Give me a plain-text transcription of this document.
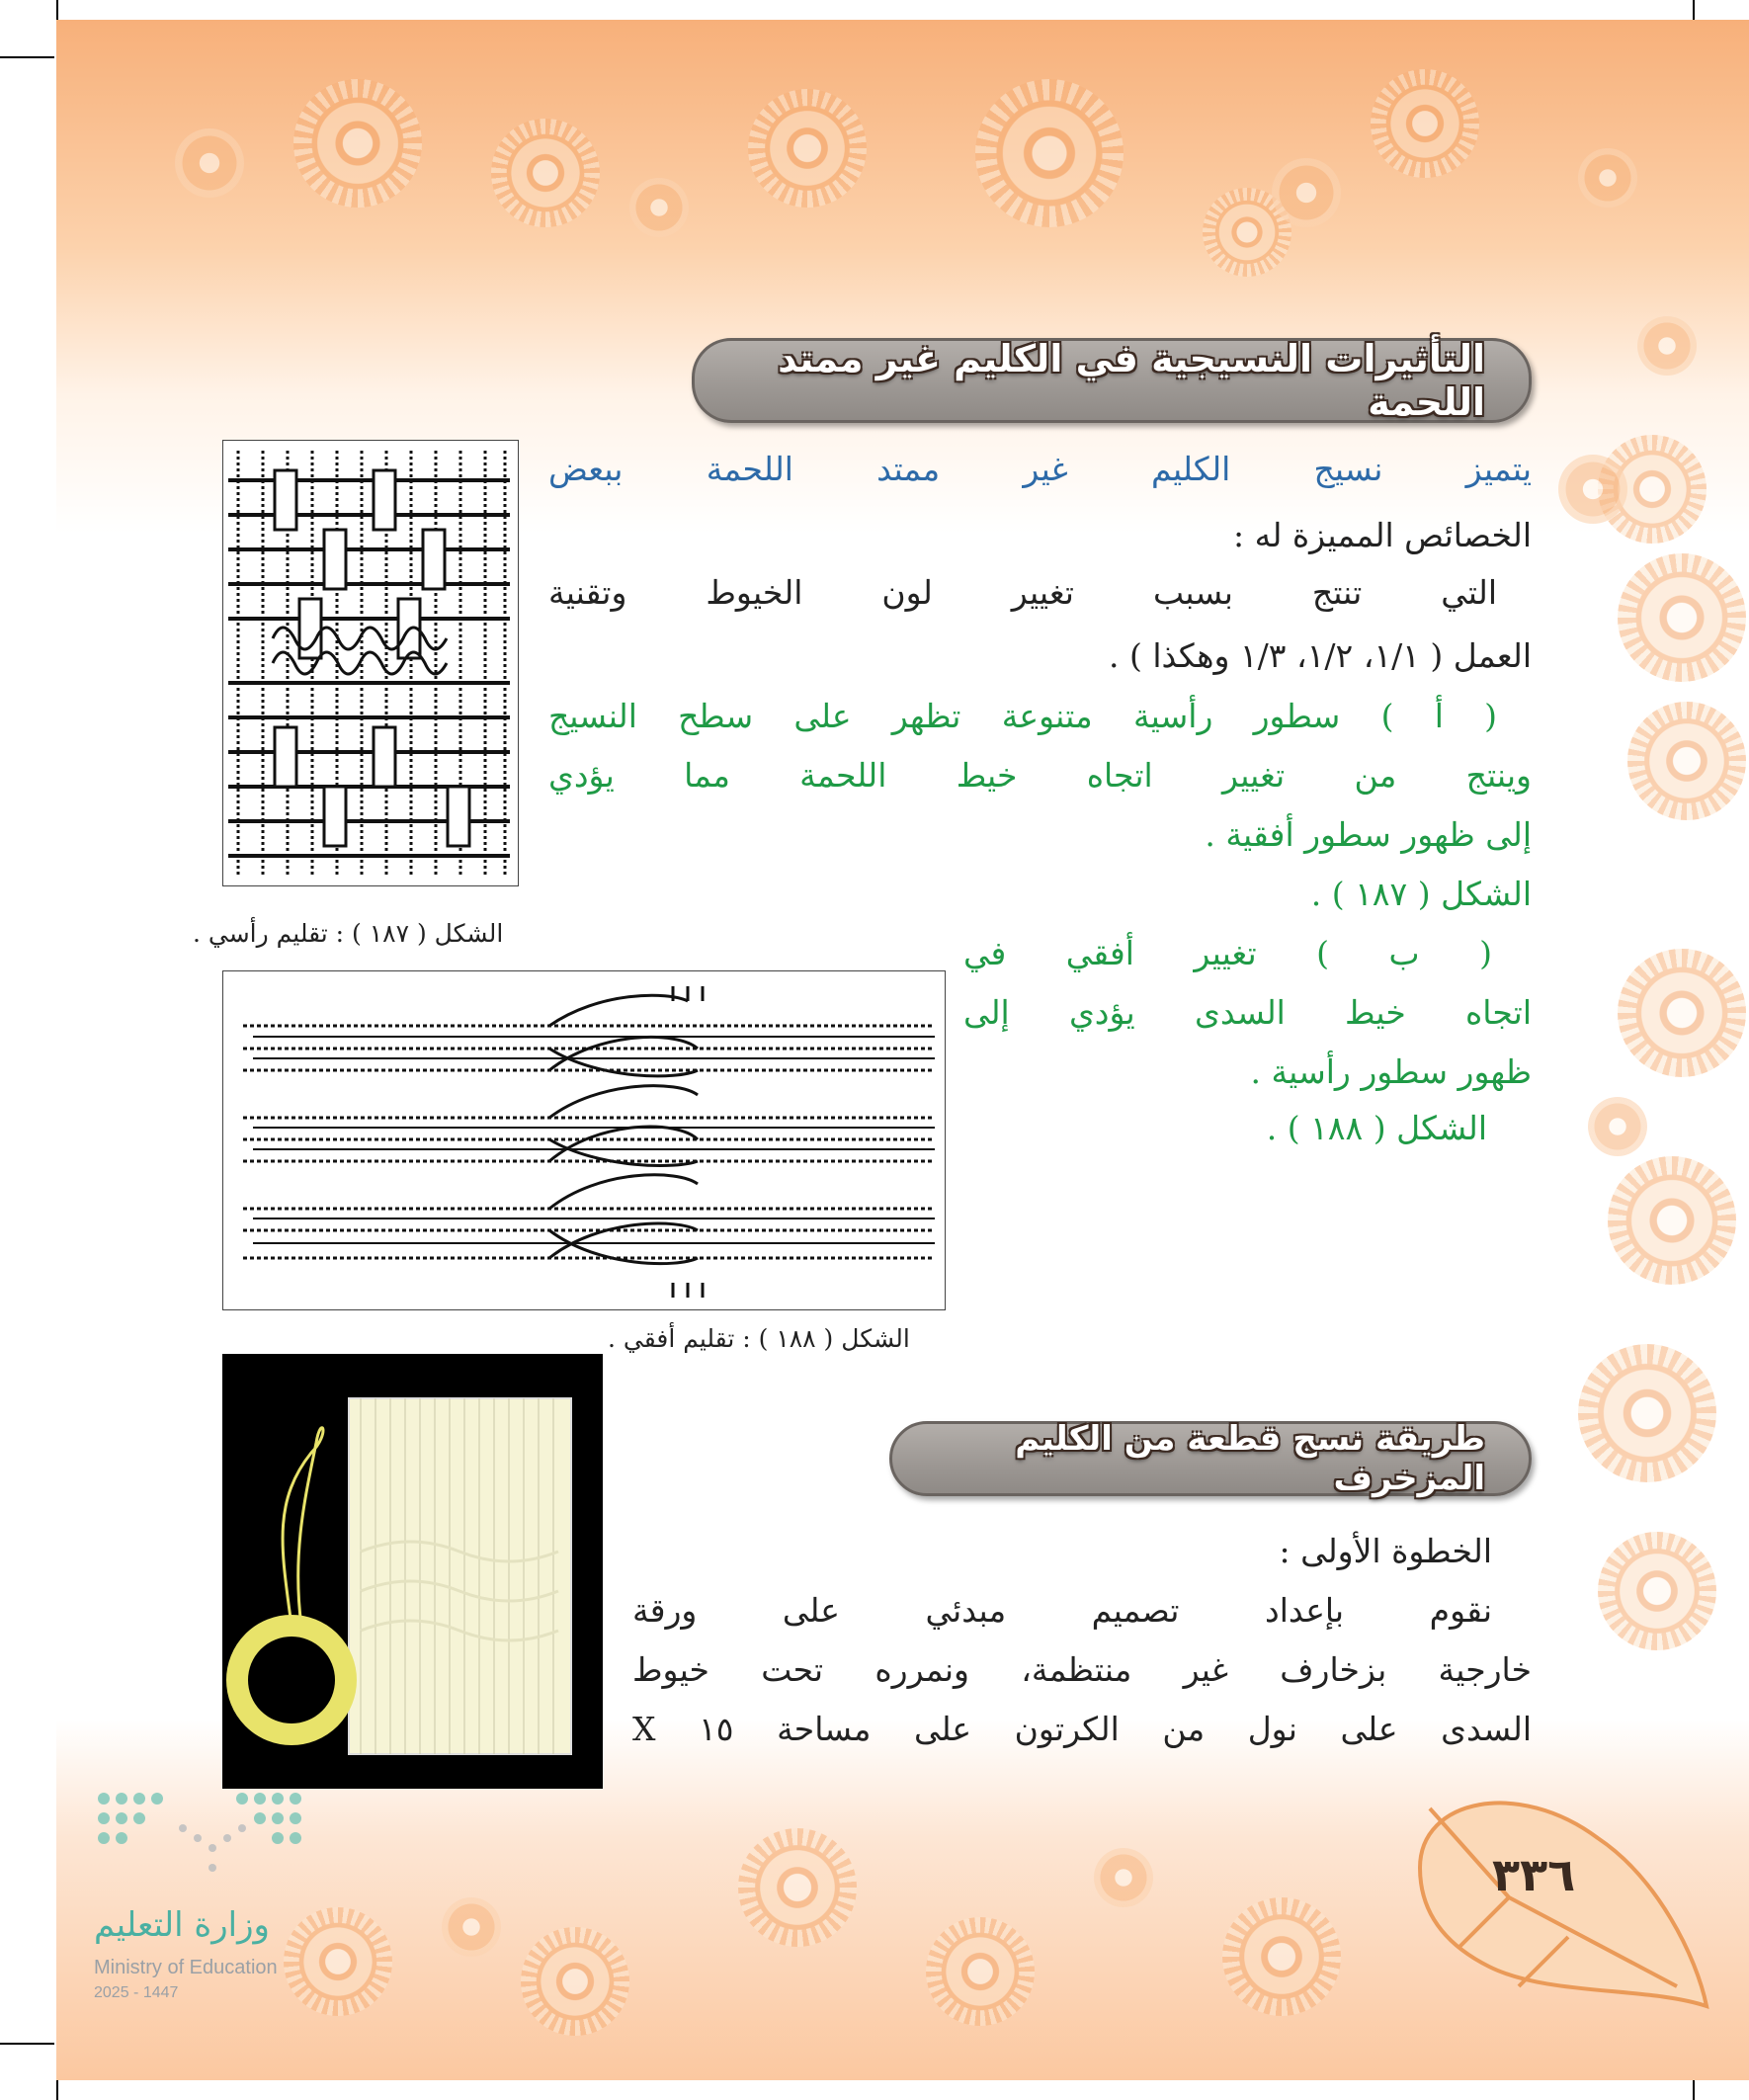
التأثيرات النسيجية في الكليم غير ممتد اللحمة
الشكل ( ١٨٧ ) : تقليم رأسي .
يتميز نسيج الكليم غير ممتد اللحمة ببعض
الخصائص المميزة له :
التي تنتج بسبب تغيير لون الخيوط وتقنية
العمل ( ١/١، ١/٢، ١/٣ وهكذا ) .
( أ ) سطور رأسية متنوعة تظهر على سطح النسيج
وينتج من تغيير اتجاه خيط اللحمة مما يؤدي
إلى ظهور سطور أفقية .
الشكل ( ١٨٧ ) .
( ب ) تغيير أفقي في
اتجاه خيط السدى يؤدي إلى
ظهور سطور رأسية .
الشكل ( ١٨٨ ) .
الشكل ( ١٨٨ ) : تقليم أفقي .
طريقة نسج قطعة من الكليم المزخرف
الخطوة الأولى :
نقوم بإعداد تصميم مبدئي على ورقة
خارجية بزخارف غير منتظمة، ونمرره تحت خيوط
السدى على نول من الكرتون على مساحة ١٥ X
٣٣٦
وزارة التعليم
Ministry of Education
2025 - 1447
